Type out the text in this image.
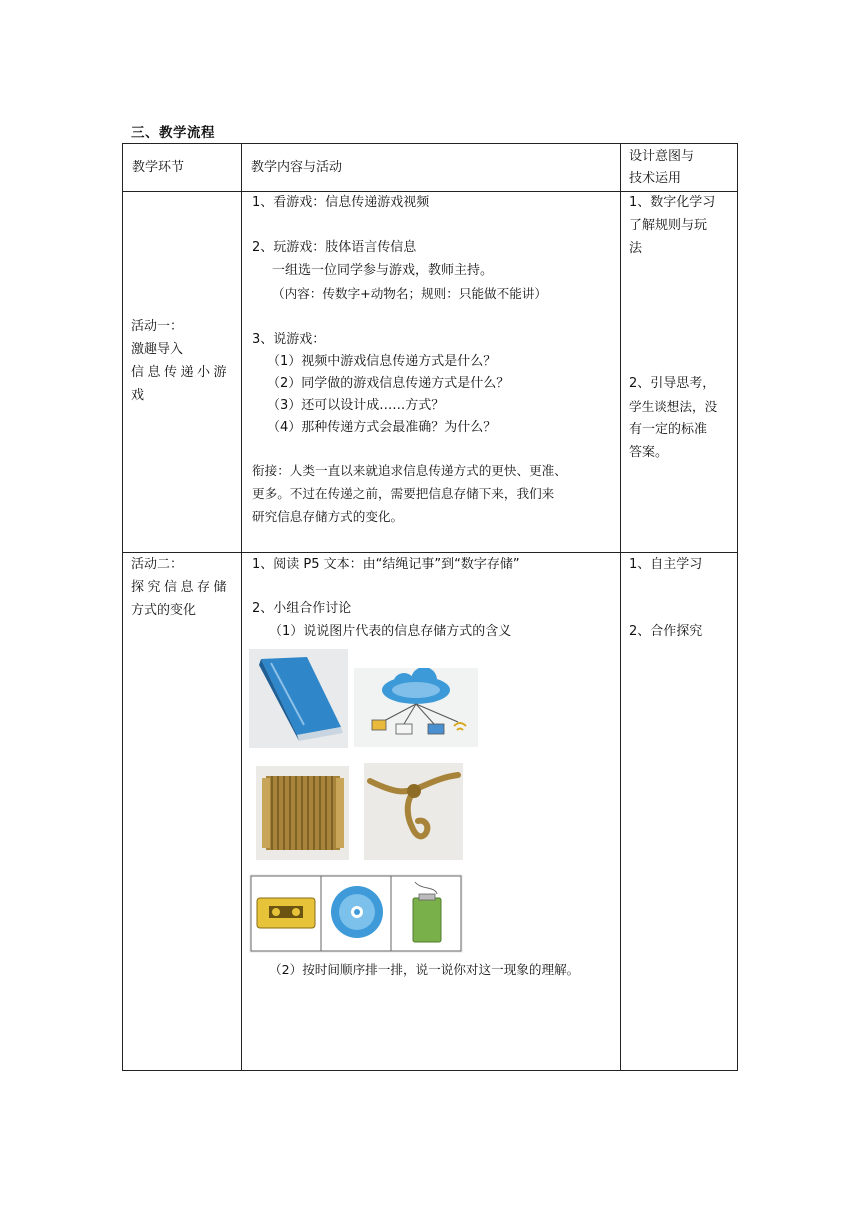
三、教学流程
教学环节	教学内容与活动
设计意图与
技术运用
活动一：
激趣导入
信息传递小游
戏
1、看游戏：信息传递游戏视频
2、玩游戏：肢体语言传信息
一组选一位同学参与游戏，教师主持。
（内容：传数字+动物名；规则：只能做不能讲）
3、说游戏：
（1）视频中游戏信息传递方式是什么？
（2）同学做的游戏信息传递方式是什么？
（3）还可以设计成……方式？
（4）那种传递方式会最准确？为什么？
衔接：人类一直以来就追求信息传递方式的更快、更准、
更多。不过在传递之前，需要把信息存储下来，我们来
研究信息存储方式的变化。
1、数字化学习
了解规则与玩
法
2、引导思考，
学生谈想法，没
有一定的标准
答案。
活动二：
探究信息存储
方式的变化
1、阅读 P5 文本：由“结绳记事”到“数字存储”
2、小组合作讨论
（1）说说图片代表的信息存储方式的含义
（2）按时间顺序排一排，说一说你对这一现象的理解。
1、自主学习
2、合作探究
